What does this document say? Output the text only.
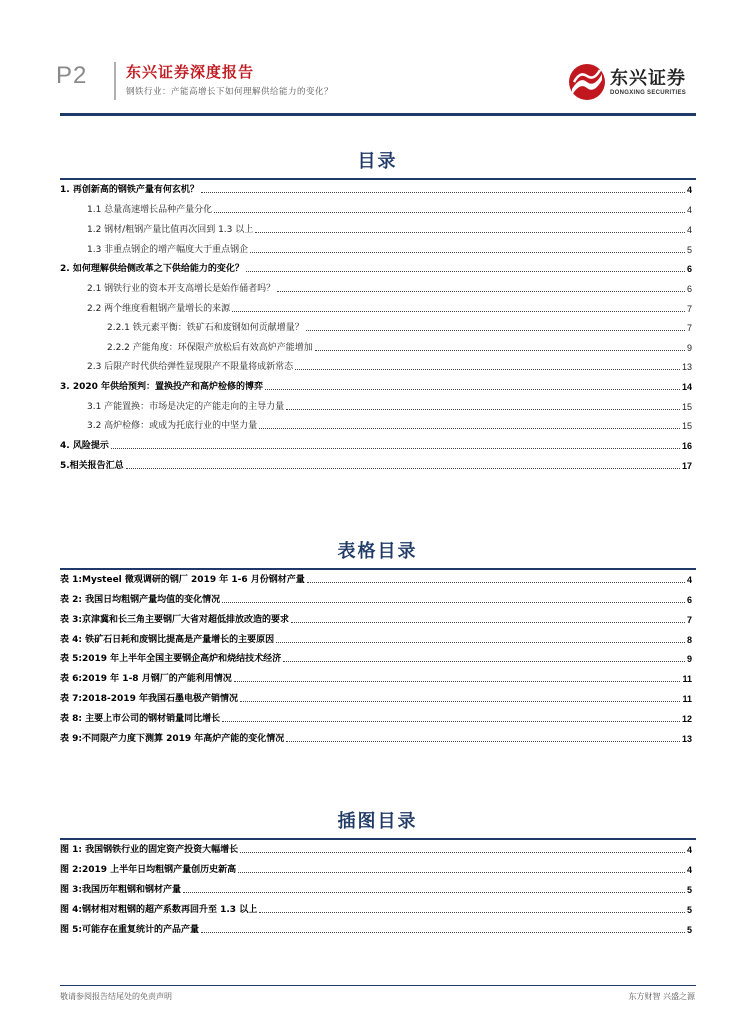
P2	东兴证券深度报告
钢铁行业：产能高增长下如何理解供给能力的变化？
东兴证券
DONGXING SECURITIES
目录
1. 再创新高的钢铁产量有何玄机？	4
1.1 总量高速增长品种产量分化	4
1.2 钢材/粗钢产量比值再次回到 1.3 以上	4
1.3 非重点钢企的增产幅度大于重点钢企	5
2. 如何理解供给侧改革之下供给能力的变化？	6
2.1 钢铁行业的资本开支高增长是始作俑者吗？	6
2.2 两个维度看粗钢产量增长的来源	7
2.2.1 铁元素平衡：铁矿石和废钢如何贡献增量？	7
2.2.2 产能角度：环保限产放松后有效高炉产能增加	9
2.3 后限产时代供给弹性显现限产不限量将成新常态	13
3. 2020 年供给预判：置换投产和高炉检修的博弈	14
3.1 产能置换：市场是决定的产能走向的主导力量	15
3.2 高炉检修：或成为托底行业的中坚力量	15
4. 风险提示	16
5.相关报告汇总	17
表格目录
表 1:Mysteel 微观调研的钢厂 2019 年 1-6 月份钢材产量	4
表 2: 我国日均粗钢产量均值的变化情况	6
表 3:京津冀和长三角主要钢厂大省对超低排放改造的要求	7
表 4: 铁矿石日耗和废钢比提高是产量增长的主要原因	8
表 5:2019 年上半年全国主要钢企高炉和烧结技术经济	9
表 6:2019 年 1-8 月钢厂的产能利用情况	11
表 7:2018-2019 年我国石墨电极产销情况	11
表 8: 主要上市公司的钢材销量同比增长	12
表 9:不同限产力度下测算 2019 年高炉产能的变化情况	13
插图目录
图 1: 我国钢铁行业的固定资产投资大幅增长	4
图 2:2019 上半年日均粗钢产量创历史新高	4
图 3:我国历年粗钢和钢材产量	5
图 4:钢材相对粗钢的超产系数再回升至 1.3 以上	5
图 5:可能存在重复统计的产品产量	5
敬请参阅报告结尾处的免责声明	东方财智 兴盛之源
